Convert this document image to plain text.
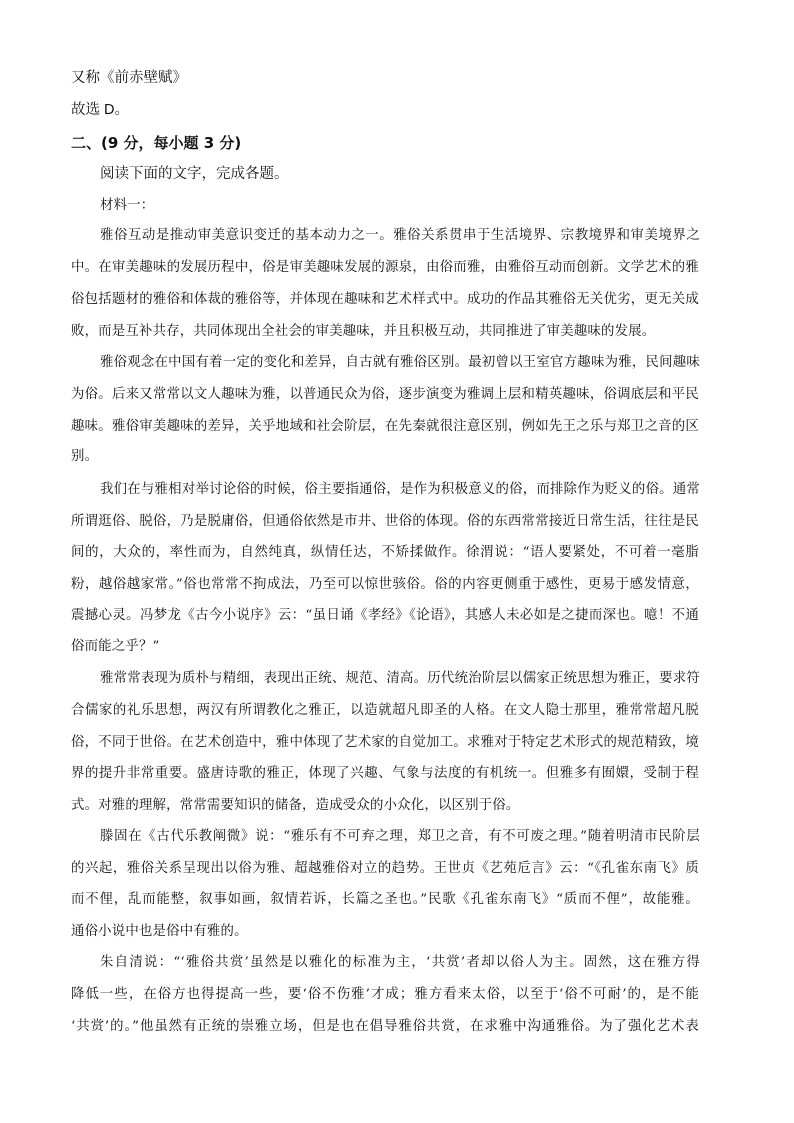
又称《前赤壁赋》
故选 D。
二、(9 分，每小题 3 分)
阅读下面的文字，完成各题。
材料一：
雅俗互动是推动审美意识变迁的基本动力之一。雅俗关系贯串于生活境界、宗教境界和审美境界之
中。在审美趣味的发展历程中，俗是审美趣味发展的源泉，由俗而雅，由雅俗互动而创新。文学艺术的雅
俗包括题材的雅俗和体裁的雅俗等，并体现在趣味和艺术样式中。成功的作品其雅俗无关优劣，更无关成
败，而是互补共存，共同体现出全社会的审美趣味，并且积极互动，共同推进了审美趣味的发展。
雅俗观念在中国有着一定的变化和差异，自古就有雅俗区别。最初曾以王室官方趣味为雅，民间趣味
为俗。后来又常常以文人趣味为雅，以普通民众为俗，逐步演变为雅调上层和精英趣味，俗调底层和平民
趣味。雅俗审美趣味的差异，关乎地域和社会阶层，在先秦就很注意区别，例如先王之乐与郑卫之音的区
别。
我们在与雅相对举讨论俗的时候，俗主要指通俗，是作为积极意义的俗，而排除作为贬义的俗。通常
所谓逛俗、脱俗，乃是脱庸俗，但通俗依然是市井、世俗的体现。俗的东西常常接近日常生活，往往是民
间的，大众的，率性而为，自然纯真，纵情任达，不矫揉做作。徐渭说：“语人要紧处，不可着一毫脂
粉，越俗越家常。”俗也常常不拘成法，乃至可以惊世骇俗。俗的内容更侧重于感性，更易于感发情意，
震撼心灵。冯梦龙《古今小说序》云：“虽日诵《孝经》《论语》，其感人未必如是之捷而深也。噫！不通
俗而能之乎？”
雅常常表现为质朴与精细，表现出正统、规范、清高。历代统治阶层以儒家正统思想为雅正，要求符
合儒家的礼乐思想，两汉有所谓教化之雅正，以造就超凡即圣的人格。在文人隐士那里，雅常常超凡脱
俗，不同于世俗。在艺术创造中，雅中体现了艺术家的自觉加工。求雅对于特定艺术形式的规范精致，境
界的提升非常重要。盛唐诗歌的雅正，体现了兴趣、气象与法度的有机统一。但雅多有囿嬛，受制于程
式。对雅的理解，常常需要知识的储备，造成受众的小众化，以区别于俗。
滕固在《古代乐教阐微》说：“雅乐有不可弃之理，郑卫之音，有不可废之理。”随着明清市民阶层
的兴起，雅俗关系呈现出以俗为雅、超越雅俗对立的趋势。王世贞《艺苑卮言》云：“《孔雀东南飞》质
而不俚，乱而能整，叙事如画，叙情若诉，长篇之圣也。”民歌《孔雀东南飞》“质而不俚”，故能雅。
通俗小说中也是俗中有雅的。
朱自清说：“‘雅俗共赏’虽然是以雅化的标准为主，‘共赏’者却以俗人为主。固然，这在雅方得
降低一些，在俗方也得提高一些，要‘俗不伤雅’才成；雅方看来太俗，以至于‘俗不可耐’的，是不能
‘共赏’的。”他虽然有正统的崇雅立场，但是也在倡导雅俗共赏，在求雅中沟通雅俗。为了强化艺术表
